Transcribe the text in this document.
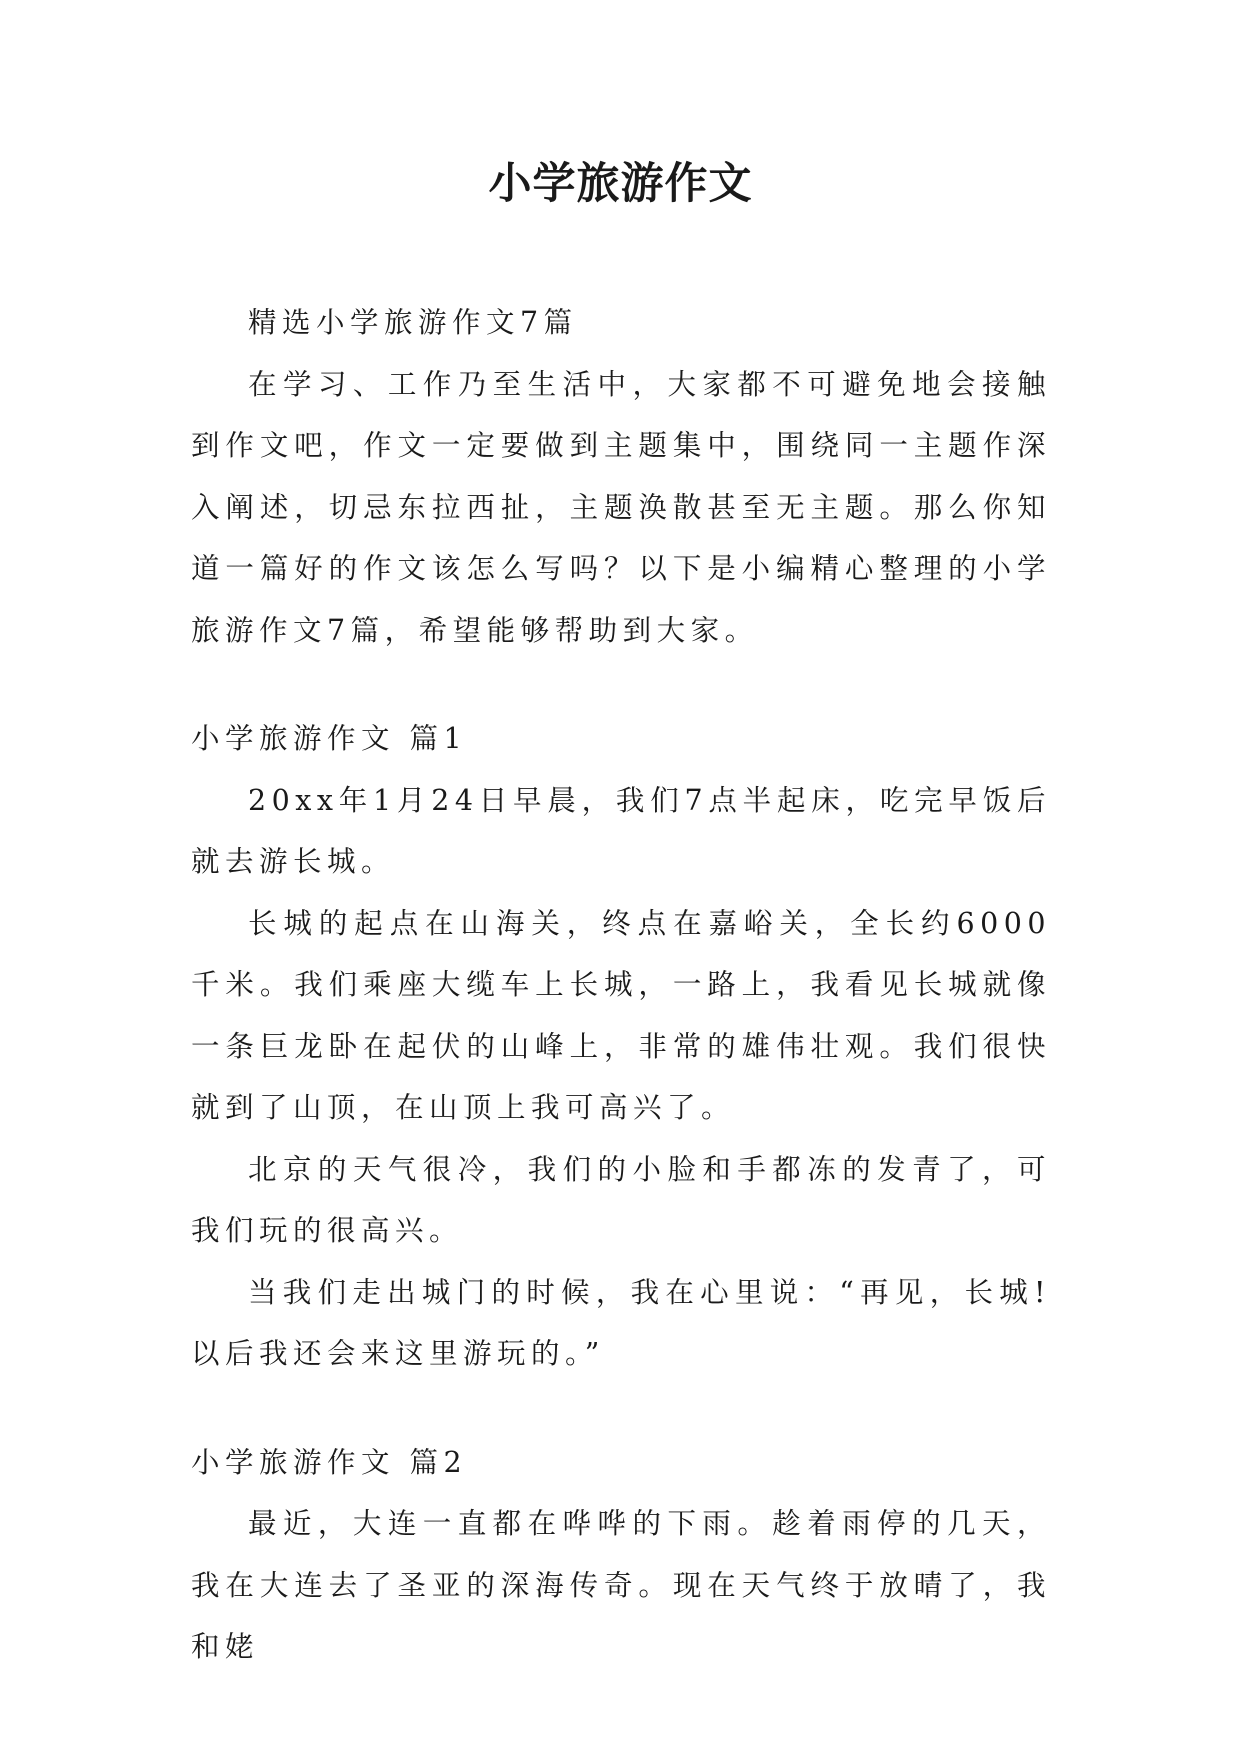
小学旅游作文

精选小学旅游作文7篇

在学习、工作乃至生活中，大家都不可避免地会接触到作文吧，作文一定要做到主题集中，围绕同一主题作深入阐述，切忌东拉西扯，主题涣散甚至无主题。那么你知道一篇好的作文该怎么写吗？以下是小编精心整理的小学旅游作文7篇，希望能够帮助到大家。

小学旅游作文 篇1

20xx年1月24日早晨，我们7点半起床，吃完早饭后就去游长城。

长城的起点在山海关，终点在嘉峪关，全长约6000千米。我们乘座大缆车上长城，一路上，我看见长城就像一条巨龙卧在起伏的山峰上，非常的雄伟壮观。我们很快就到了山顶，在山顶上我可高兴了。

北京的天气很冷，我们的小脸和手都冻的发青了，可我们玩的很高兴。

当我们走出城门的时候，我在心里说：“再见，长城!以后我还会来这里游玩的。”

小学旅游作文 篇2

最近，大连一直都在哗哗的下雨。趁着雨停的几天，我在大连去了圣亚的深海传奇。现在天气终于放晴了，我和姥
